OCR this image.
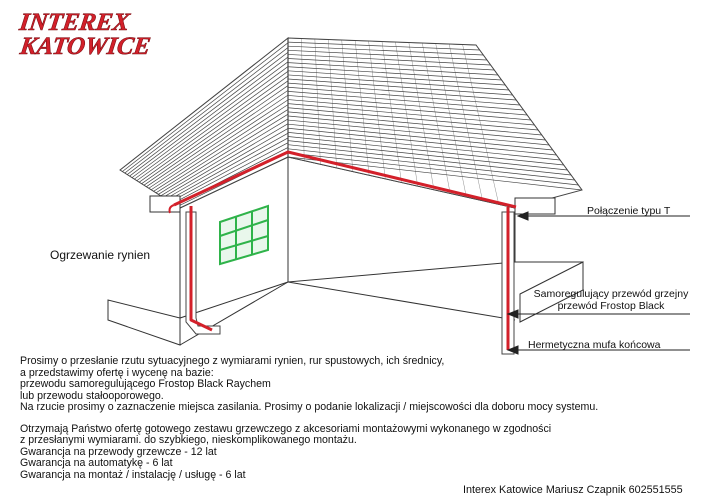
INTEREX
KATOWICE
Połączenie typu T
Samoregulujący przewód grzejny
przewód Frostop Black
Hermetyczna mufa końcowa
Ogrzewanie rynien
Prosimy o przesłanie rzutu sytuacyjnego z wymiarami rynien, rur spustowych, ich średnicy,
a przedstawimy ofertę i wycenę na bazie:
przewodu samoregulującego Frostop Black Raychem
lub przewodu stałooporowego.
Na rzucie prosimy o zaznaczenie miejsca zasilania. Prosimy o podanie lokalizacji / miejscowości dla doboru mocy systemu.
Otrzymają Państwo ofertę gotowego zestawu grzewczego z akcesoriami montażowymi wykonanego w zgodności
z przesłanymi wymiarami. do szybkiego, nieskomplikowanego montażu.
Gwarancja na przewody grzewcze - 12 lat
Gwarancja na automatykę - 6 lat
Gwarancja na montaż / instalację / usługę - 6 lat
Interex Katowice Mariusz Czapnik 602551555
